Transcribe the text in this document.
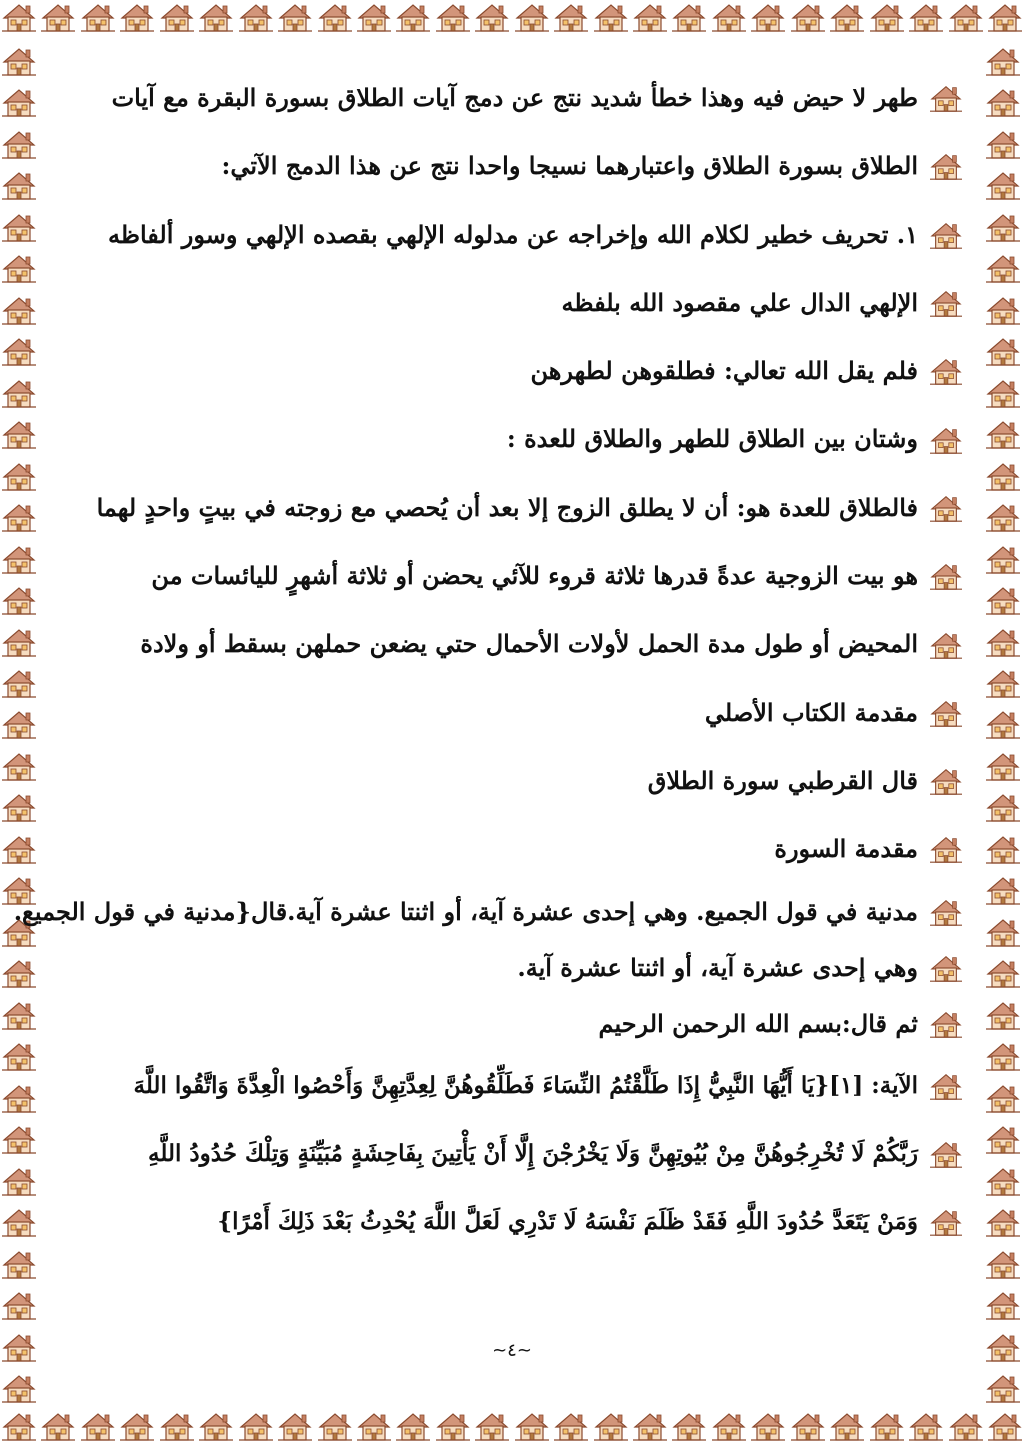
طهر لا حيض فيه وهذا خطأ شديد نتج عن دمج آيات الطلاق بسورة البقرة مع آيات
الطلاق بسورة الطلاق واعتبارهما نسيجا واحدا نتج عن هذا الدمج الآتي:
١. تحريف خطير لكلام الله وإخراجه عن مدلوله الإلهي بقصده الإلهي وسور ألفاظه
الإلهي الدال علي مقصود الله بلفظه
فلم يقل الله تعالي: فطلقوهن لطهرهن
وشتان بين الطلاق للطهر والطلاق للعدة :
فالطلاق للعدة هو: أن لا يطلق الزوج إلا بعد أن يُحصي مع زوجته في بيتٍ واحدٍ لهما
هو بيت الزوجية عدةً قدرها ثلاثة قروء للآئي يحضن أو ثلاثة أشهرٍ لليائسات من
المحيض أو طول مدة الحمل لأولات الأحمال حتي يضعن حملهن بسقط أو ولادة
مقدمة الكتاب الأصلي
قال القرطبي سورة الطلاق
مقدمة السورة
مدنية في قول الجميع. وهي إحدى عشرة آية، أو اثنتا عشرة آية.قال{مدنية في قول الجميع.
وهي إحدى عشرة آية، أو اثنتا عشرة آية.
ثم قال:بسم الله الرحمن الرحيم
الآية: [١]{يَا أَيُّهَا النَّبِيُّ إِذَا طَلَّقْتُمُ النِّسَاءَ فَطَلِّقُوهُنَّ لِعِدَّتِهِنَّ وَأَحْصُوا الْعِدَّةَ وَاتَّقُوا اللَّهَ
رَبَّكُمْ لَا تُخْرِجُوهُنَّ مِنْ بُيُوتِهِنَّ وَلَا يَخْرُجْنَ إِلَّا أَنْ يَأْتِينَ بِفَاحِشَةٍ مُبَيِّنَةٍ وَتِلْكَ حُدُودُ اللَّهِ
وَمَنْ يَتَعَدَّ حُدُودَ اللَّهِ فَقَدْ ظَلَمَ نَفْسَهُ لَا تَدْرِي لَعَلَّ اللَّهَ يُحْدِثُ بَعْدَ ذَلِكَ أَمْرًا}
~٤~
